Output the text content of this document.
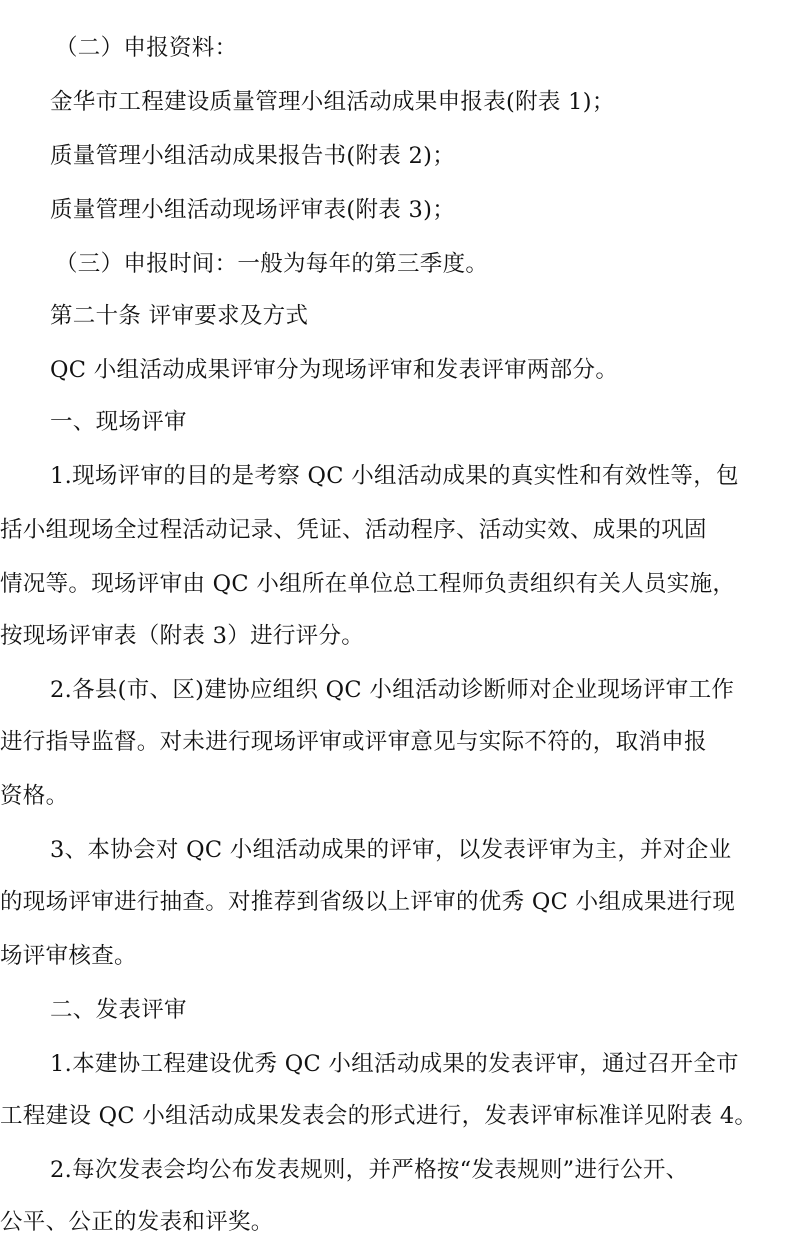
（二）申报资料：
金华市工程建设质量管理小组活动成果申报表(附表 1)；
质量管理小组活动成果报告书(附表 2)；
质量管理小组活动现场评审表(附表 3)；
（三）申报时间：一般为每年的第三季度。
第二十条 评审要求及方式
QC 小组活动成果评审分为现场评审和发表评审两部分。
一、现场评审
1.现场评审的目的是考察 QC 小组活动成果的真实性和有效性等，包
括小组现场全过程活动记录、凭证、活动程序、活动实效、成果的巩固
情况等。现场评审由 QC 小组所在单位总工程师负责组织有关人员实施，
按现场评审表（附表 3）进行评分。
2.各县(市、区)建协应组织 QC 小组活动诊断师对企业现场评审工作
进行指导监督。对未进行现场评审或评审意见与实际不符的，取消申报
资格。
3、本协会对 QC 小组活动成果的评审，以发表评审为主，并对企业
的现场评审进行抽查。对推荐到省级以上评审的优秀 QC 小组成果进行现
场评审核查。
二、发表评审
1.本建协工程建设优秀 QC 小组活动成果的发表评审，通过召开全市
工程建设 QC 小组活动成果发表会的形式进行，发表评审标准详见附表 4。
2.每次发表会均公布发表规则，并严格按“发表规则”进行公开、
公平、公正的发表和评奖。
